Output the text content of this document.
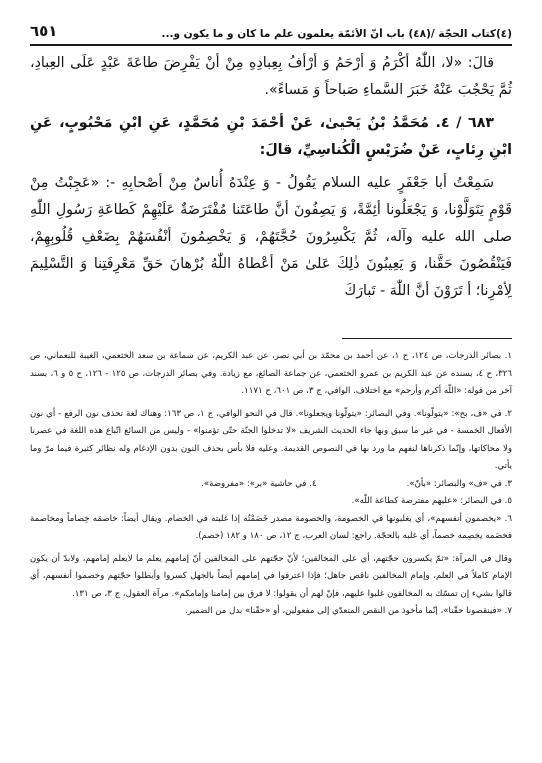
(٤)كتاب الحجّة /(٤٨) باب أنّ الأئمّة يعلمون علم ما كان و ما يكون و...
٦٥١

قالَ: «لا، اللّٰهُ أكْرَمُ وَ أرْحَمُ وَ أرْأفُ بِعِبادِهِ مِنْ أنْ يَفْرِضَ طاعَةَ عَبْدٍ عَلَى العِبادِ، ثُمَّ يَحْجُبَ عَنْهُ خَبَرَ السَّماءِ صَباحاً وَ مَساءً».

٦٨٣ / ٤. مُحَمَّدُ بْنُ يَحْيىٰ، عَنْ أحْمَدَ بْنِ مُحَمَّدٍ، عَنِ ابْنِ مَحْبُوبٍ، عَنِ ابْنِ رِئابٍ، عَنْ ضُرَيْسٍ الْكُناسِيِّ، قالَ:

سَمِعْتُ أبا جَعْفَرٍ عليه السلام يَقُولُ - وَ عِنْدَهُ أُناسٌ مِنْ أصْحابِهِ -: «عَجِبْتُ مِنْ قَوْمٍ يَتَوَلَّوْنا، وَ يَجْعَلُونا أئِمَّةً، وَ يَصِفُونَ أنَّ طاعَتَنا مُفْتَرَضَةٌ عَلَيْهِمْ كَطاعَةِ رَسُولِ اللّٰهِ صلى الله عليه وآله، ثُمَّ يَكْسِرُونَ حُجَّتَهُمْ، وَ يَخْصِمُونَ أنْفُسَهُمْ بِضَعْفِ قُلُوبِهِمْ، فَيَنْقُصُونَ حَقَّنا، وَ يَعِيبُونَ ذٰلِكَ عَلىٰ مَنْ أعْطاهُ اللّٰهُ بُرْهانَ حَقِّ مَعْرِفَتِنا وَ التَّسْلِيمَ لِأمْرِنا؛ أ تَرَوْنَ أنَّ اللّٰهَ - تَبارَكَ

١. بصائر الدرجات، ص ١٢٤، ح ١، عن أحمد بن محمّد بن أبي نصر، عن عبد الكريم، عن سماعة بن سعد الخثعمي، الغيبة للنعماني، ص ٣٢٦، ح ٤، بسنده عن عبد الكريم بن عمرو الخثعمي، عن جماعة الصائغ، مع زيادة. وفي بصائر الدرجات، ص ١٢٥ - ١٢٦، ح ٥ و ٦، بسند آخر من قوله: «اللّه أكرم وأرحم» مع اختلاف. الوافي، ج ٣، ص ٦٠١، ح ١١٧١.

٢. في «ف، بح»: «يتولّونا». وفي البصائر: «يتولّونا ويجعلونا». قال في النحو الوافي، ج ١، ص ١٦٣: وهناك لغة تحذف نون الرفع - أي نون الأفعال الخمسة - في غير ما سبق وبها جاء الحديث الشريف «لا تدخلوا الجنّة حتّى تؤمنوا» - وليس من السائغ اتّباع هذه اللغة في عصرنا ولا محاكاتها، وإنّما ذكرناها لنفهم ما ورد بها في النصوص القديمة. وعليه فلا بأس بحذف النون بدون الإدغام وله نظائر كثيرة فيما مرّ وما يأتي.

٣. في «ف» والبصائر: «بأنّ».

٤. في حاشية «بر»: «مفروضة».

٥. في البصائر: «عليهم مفترضة كطاعة اللّه».

٦. «يخصمون أنفسهم»، أي يغلبونها في الخصومة، والخصومة مصدر خَصَمْتُه إذا غلبته في الخصام. ويقال أيضاً: خاصمَه خِصاماً ومخاصمة فخصَمه يخصِمه خصماً، أي غلبه بالحجّة. راجع: لسان العرب، ج ١٢، ص ١٨٠ و ١٨٢ (خصم).

وقال في المرآة: «ثمّ يكسرون حجّتهم، أي على المخالفين؛ لأنّ حجّتهم على المخالفين أنّ إمامهم يعلم ما لايعلم إمامهم، ولابدّ أن يكون الإمام كاملاً في العلم، وإمام المخالفين ناقص جاهل؛ فإذا اعترفوا في إمامهم أيضاً بالجهل كسروا وأبطلوا حجّتهم وخصموا أنفسهم، أي قالوا بشيء إن تمسّك به المخالفون غلبوا عليهم، فإنّ لهم أن يقولوا: لا فرق بين إمامنا وإمامكم». مرآة العقول، ج ٣، ص ١٣١.

٧. «فينقصونا حقّنا»، إنّما مأخوذ من النقص المتعدّي إلى مفعولين، أو «حقّنا» بدل من الضمير.
